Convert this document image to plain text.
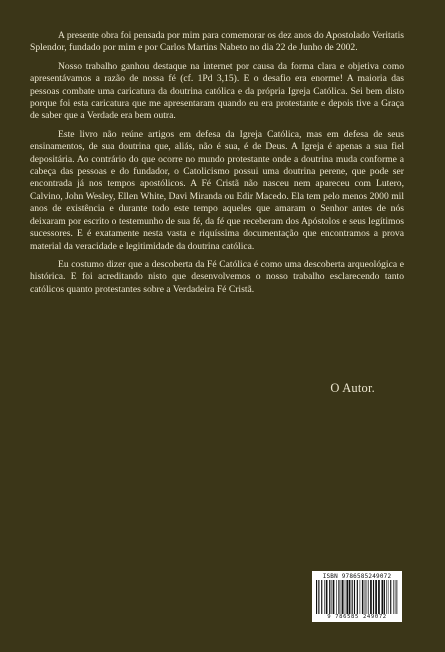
A presente obra foi pensada por mim para comemorar os dez anos do Apostolado Veritatis Splendor, fundado por mim e por Carlos Martins Nabeto no dia 22 de Junho de 2002.

Nosso trabalho ganhou destaque na internet por causa da forma clara e objetiva como apresentávamos a razão de nossa fé (cf. 1Pd 3,15). E o desafio era enorme! A maioria das pessoas combate uma caricatura da doutrina católica e da própria Igreja Católica. Sei bem disto porque foi esta caricatura que me apresentaram quando eu era protestante e depois tive a Graça de saber que a Verdade era bem outra.

Este livro não reúne artigos em defesa da Igreja Católica, mas em defesa de seus ensinamentos, de sua doutrina que, aliás, não é sua, é de Deus. A Igreja é apenas a sua fiel depositária. Ao contrário do que ocorre no mundo protestante onde a doutrina muda conforme a cabeça das pessoas e do fundador, o Catolicismo possui uma doutrina perene, que pode ser encontrada já nos tempos apostólicos. A Fé Cristã não nasceu nem apareceu com Lutero, Calvino, John Wesley, Ellen White, Davi Miranda ou Edir Macedo. Ela tem pelo menos 2000 mil anos de existência e durante todo este tempo aqueles que amaram o Senhor antes de nós deixaram por escrito o testemunho de sua fé, da fé que receberam dos Apóstolos e seus legítimos sucessores. E é exatamente nesta vasta e riquíssima documentação que encontramos a prova material da veracidade e legitimidade da doutrina católica.

Eu costumo dizer que a descoberta da Fé Católica é como uma descoberta arqueológica e histórica. E foi acreditando nisto que desenvolvemos o nosso trabalho esclarecendo tanto católicos quanto protestantes sobre a Verdadeira Fé Cristã.

O Autor.
ISBN 9786585249072
9 786585 249072
